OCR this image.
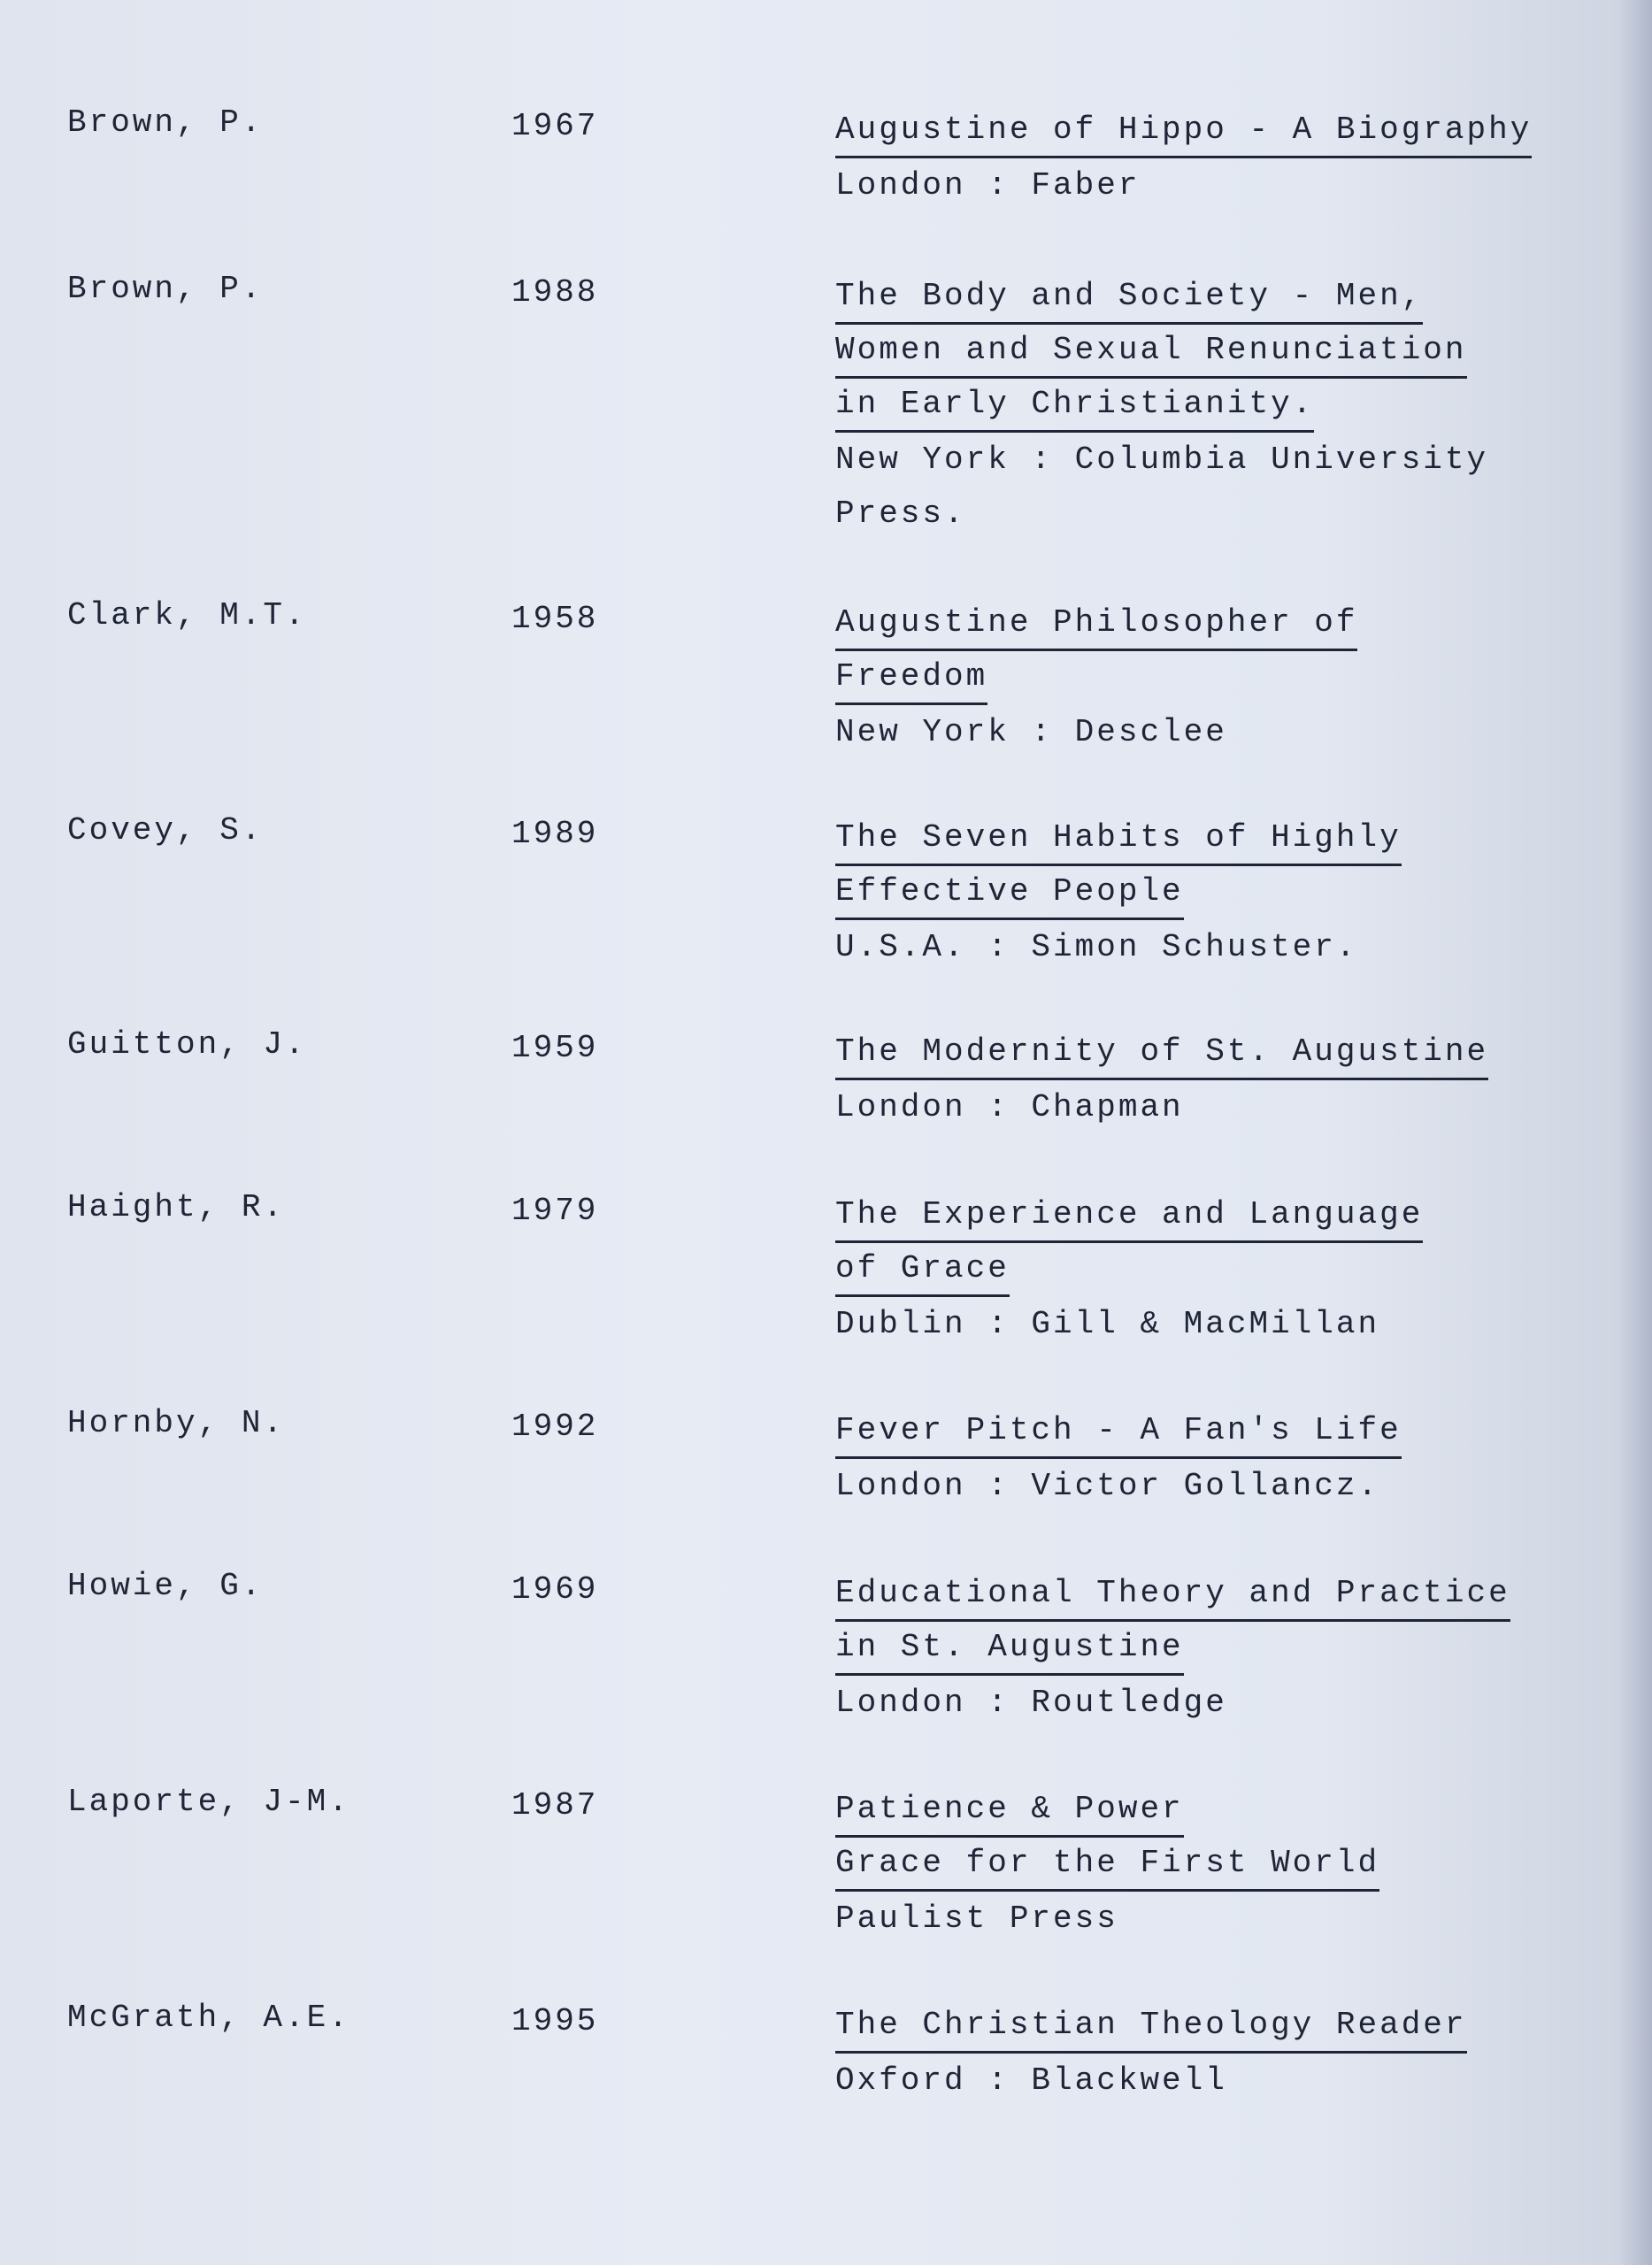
Brown, P.	1967	Augustine of Hippo - A Biography
London : Faber
Brown, P.	1988	The Body and Society - Men,
Women and Sexual Renunciation
in Early Christianity.
New York : Columbia University
Press.
Clark, M.T.	1958	Augustine Philosopher of
Freedom
New York : Desclee
Covey, S.	1989	The Seven Habits of Highly
Effective People
U.S.A. : Simon Schuster.
Guitton, J.	1959	The Modernity of St. Augustine
London : Chapman
Haight, R.	1979	The Experience and Language
of Grace
Dublin : Gill & MacMillan
Hornby, N.	1992	Fever Pitch - A Fan's Life
London : Victor Gollancz.
Howie, G.	1969	Educational Theory and Practice
in St. Augustine
London : Routledge
Laporte, J-M.	1987	Patience & Power
Grace for the First World
Paulist Press
McGrath, A.E.	1995	The Christian Theology Reader
Oxford : Blackwell
